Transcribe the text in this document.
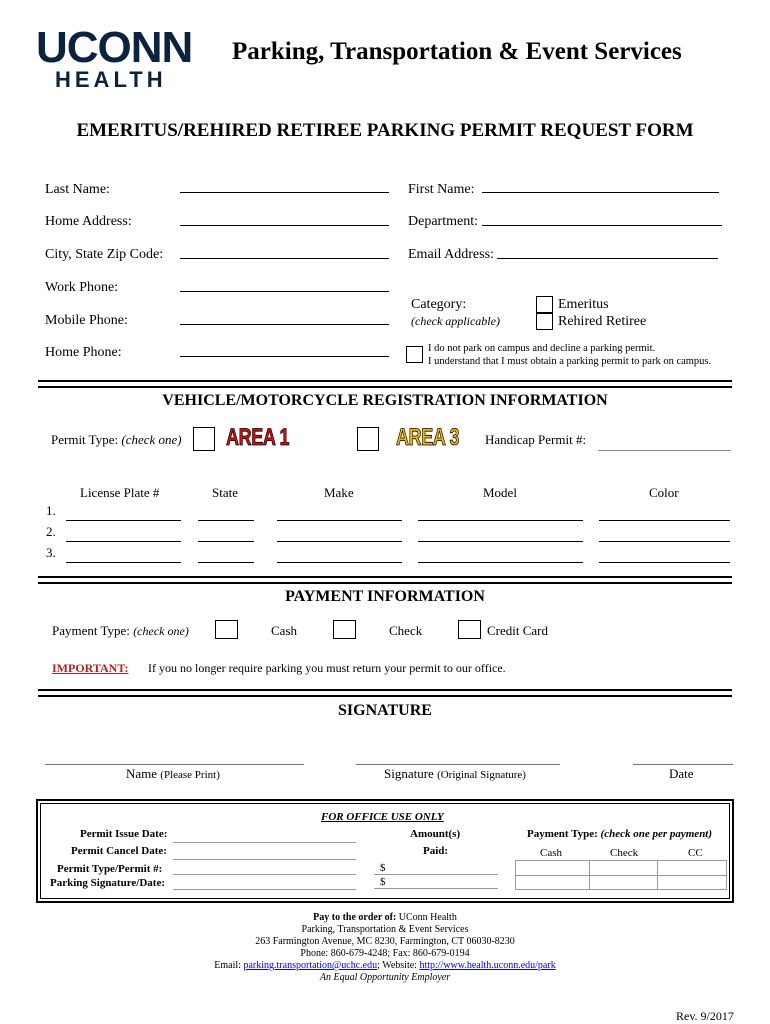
UCONN
HEALTH
Parking, Transportation & Event Services
EMERITUS/REHIRED RETIREE PARKING PERMIT REQUEST FORM
Last Name:	First Name:
Home Address:	Department:
City, State Zip Code:	Email Address:
Work Phone:
Mobile Phone:
Home Phone:
Category:
(check applicable)
Emeritus
Rehired Retiree
I do not park on campus and decline a parking permit.
I understand that I must obtain a parking permit to park on campus.
VEHICLE/MOTORCYCLE REGISTRATION INFORMATION
Permit Type: (check one) AREA 1	AREA 3 Handicap Permit #:
License Plate #	State	Make	Model	Color
1.
2.
3.
PAYMENT INFORMATION
Payment Type: (check one)	Cash	Check	Credit Card
IMPORTANT: If you no longer require parking you must return your permit to our office.
SIGNATURE
Name (Please Print)	Signature (Original Signature)	Date
FOR OFFICE USE ONLY
Permit Issue Date:
Permit Cancel Date:
Permit Type/Permit #:
Parking Signature/Date:
Amount(s)
Paid:
$
$
Payment Type: (check one per payment)
Cash	Check	CC
Pay to the order of: UConn Health
Parking, Transportation & Event Services
263 Farmington Avenue, MC 8230, Farmington, CT 06030-8230
Phone: 860-679-4248; Fax: 860-679-0194
Email: parking.transportation@uchc.edu; Website: http://www.health.uconn.edu/park
An Equal Opportunity Employer
Rev. 9/2017
